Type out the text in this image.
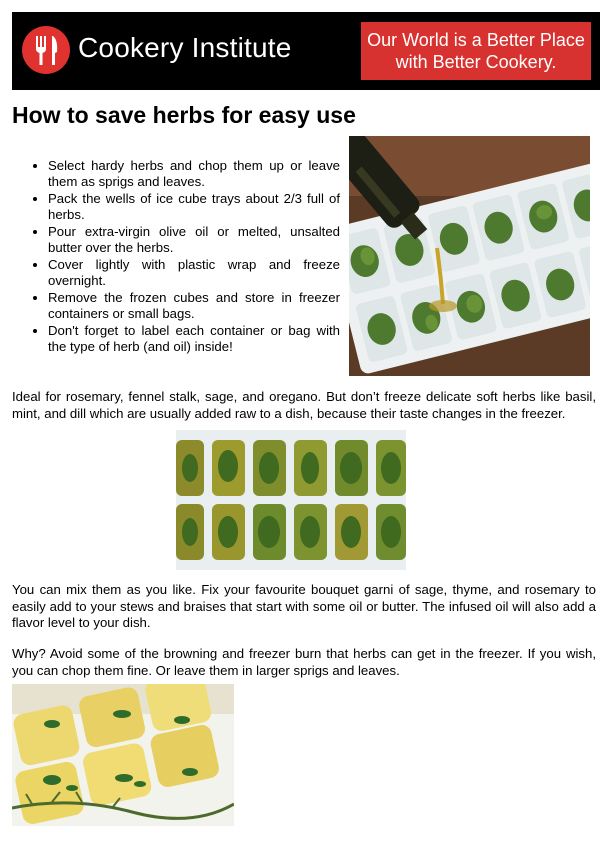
Cookery Institute	Our World is a Better Place
with Better Cookery.
How to save herbs for easy use
• Select hardy herbs and chop them up or leave them as sprigs and leaves.
• Pack the wells of ice cube trays about 2/3 full of herbs.
• Pour extra-virgin olive oil or melted, unsalted butter over the herbs.
• Cover lightly with plastic wrap and freeze overnight.
• Remove the frozen cubes and store in freezer containers or small bags.
• Don't forget to label each container or bag with the type of herb (and oil) inside!

Ideal for rosemary, fennel stalk, sage, and oregano. But don’t freeze delicate soft herbs like basil, mint, and dill which are usually added raw to a dish, because their taste changes in the freezer.

You can mix them as you like. Fix your favourite bouquet garni of sage, thyme, and rosemary to easily add to your stews and braises that start with some oil or butter. The infused oil will also add a flavor level to your dish.

Why? Avoid some of the browning and freezer burn that herbs can get in the freezer. If you wish, you can chop them fine. Or leave them in larger sprigs and leaves.
